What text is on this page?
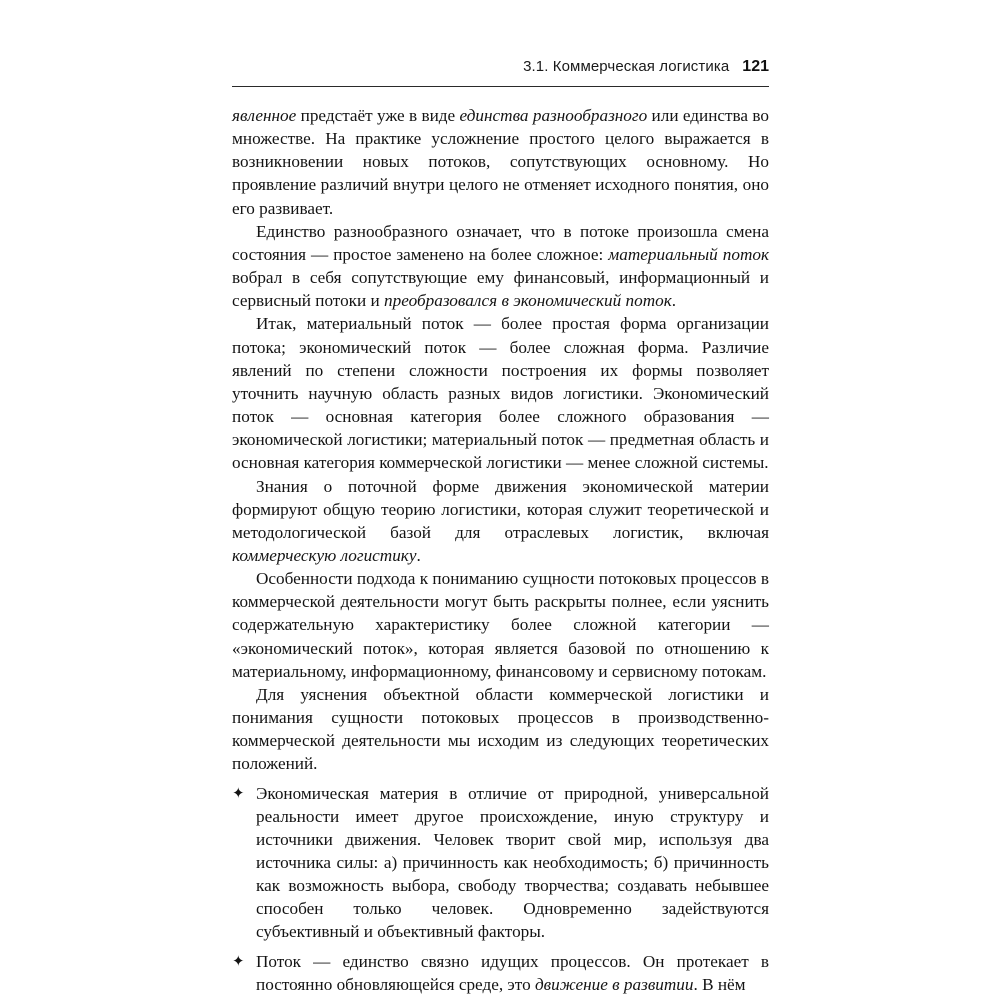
3.1. Коммерческая логистика 121

явленное предстаёт уже в виде единства разнообразного или единства во множестве. На практике усложнение простого целого выражается в возникновении новых потоков, сопутствующих основному. Но проявление различий внутри целого не отменяет исходного понятия, оно его развивает.

Единство разнообразного означает, что в потоке произошла смена состояния — простое заменено на более сложное: материальный поток вобрал в себя сопутствующие ему финансовый, информационный и сервисный потоки и преобразовался в экономический поток.

Итак, материальный поток — более простая форма организации потока; экономический поток — более сложная форма. Различие явлений по степени сложности построения их формы позволяет уточнить научную область разных видов логистики. Экономический поток — основная категория более сложного образования — экономической логистики; материальный поток — предметная область и основная категория коммерческой логистики — менее сложной системы.

Знания о поточной форме движения экономической материи формируют общую теорию логистики, которая служит теоретической и методологической базой для отраслевых логистик, включая коммерческую логистику.

Особенности подхода к пониманию сущности потоковых процессов в коммерческой деятельности могут быть раскрыты полнее, если уяснить содержательную характеристику более сложной категории — «экономический поток», которая является базовой по отношению к материальному, информационному, финансовому и сервисному потокам.

Для уяснения объектной области коммерческой логистики и понимания сущности потоковых процессов в производственно-коммерческой деятельности мы исходим из следующих теоретических положений.

✦ Экономическая материя в отличие от природной, универсальной реальности имеет другое происхождение, иную структуру и источники движения. Человек творит свой мир, используя два источника силы: а) причинность как необходимость; б) причинность как возможность выбора, свободу творчества; создавать небывшее способен только человек. Одновременно задействуются субъективный и объективный факторы.
✦ Поток — единство связно идущих процессов. Он протекает в постоянно обновляющейся среде, это движение в развитии. В нём
